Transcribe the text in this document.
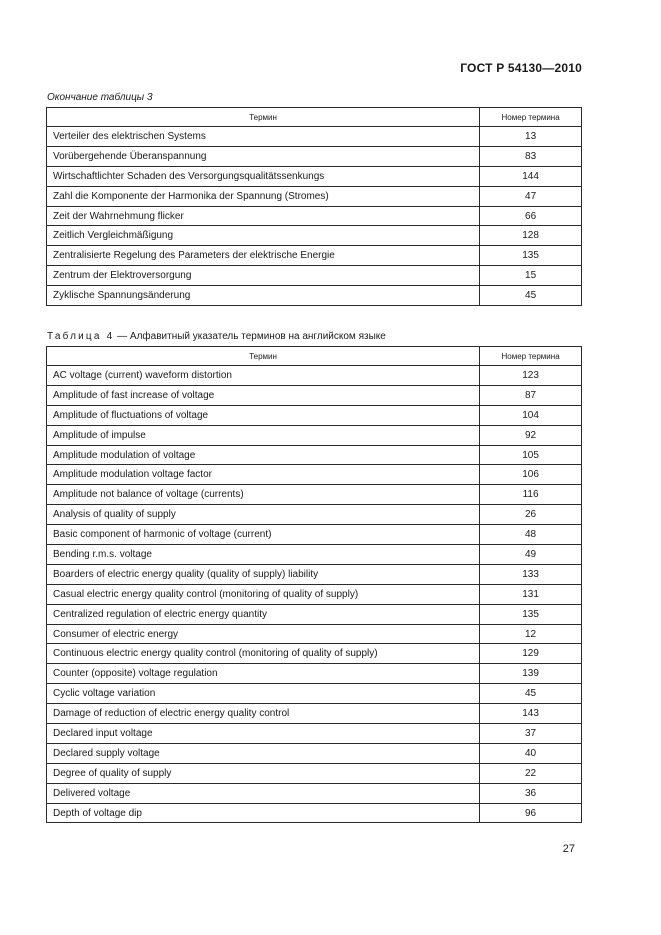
ГОСТ Р 54130—2010
Окончание таблицы 3
Термин	Номер термина
Verteiler des elektrischen Systems	13
Vorübergehende Überanspannung	83
Wirtschaftlichter Schaden des Versorgungsqualitätssenkungs	144
Zahl die Komponente der Harmonika der Spannung (Stromes)	47
Zeit der Wahrnehmung flicker	66
Zeitlich Vergleichmäßigung	128
Zentralisierte Regelung des Parameters der elektrische Energie	135
Zentrum der Elektroversorgung	15
Zyklische Spannungsänderung	45
Таблица 4 — Алфавитный указатель терминов на английском языке
Термин	Номер термина
AC voltage (current) waveform distortion	123
Amplitude of fast increase of voltage	87
Amplitude of fluctuations of voltage	104
Amplitude of impulse	92
Amplitude modulation of voltage	105
Amplitude modulation voltage factor	106
Amplitude not balance of voltage (currents)	116
Analysis of quality of supply	26
Basic component of harmonic of voltage (current)	48
Bending r.m.s. voltage	49
Boarders of electric energy quality (quality of supply) liability	133
Casual electric energy quality control (monitoring of quality of supply)	131
Centralized regulation of electric energy quantity	135
Consumer of electric energy	12
Continuous electric energy quality control (monitoring of quality of supply)	129
Counter (opposite) voltage regulation	139
Cyclic voltage variation	45
Damage of reduction of electric energy quality control	143
Declared input voltage	37
Declared supply voltage	40
Degree of quality of supply	22
Delivered voltage	36
Depth of voltage dip	96
27
